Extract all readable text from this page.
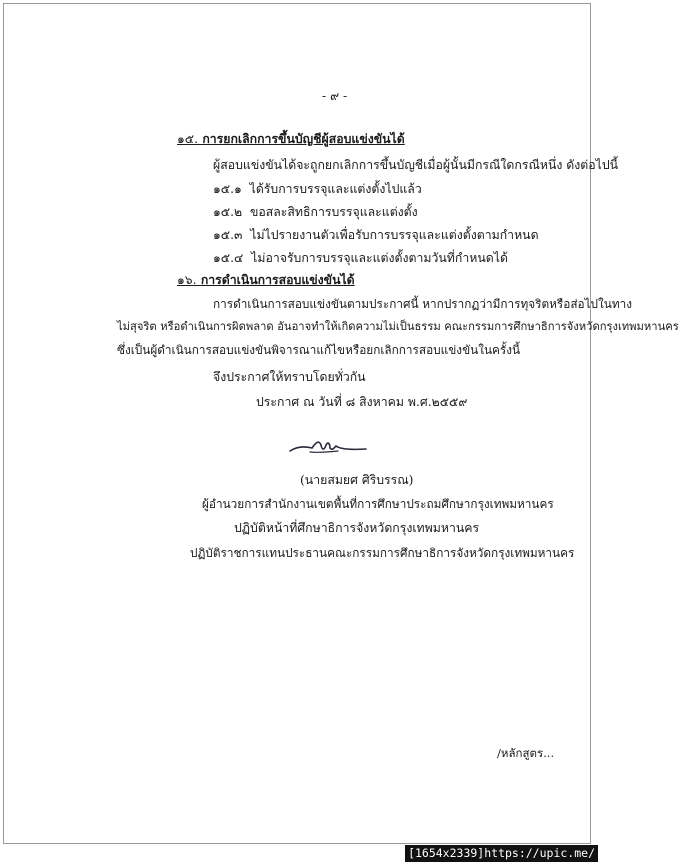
- ๙ -
๑๕. การยกเลิกการขึ้นบัญชีผู้สอบแข่งขันได้
ผู้สอบแข่งขันได้จะถูกยกเลิกการขึ้นบัญชีเมื่อผู้นั้นมีกรณีใดกรณีหนึ่ง ดังต่อไปนี้
๑๕.๑ ได้รับการบรรจุและแต่งตั้งไปแล้ว
๑๕.๒ ขอสละสิทธิการบรรจุและแต่งตั้ง
๑๕.๓ ไม่ไปรายงานตัวเพื่อรับการบรรจุและแต่งตั้งตามกำหนด
๑๕.๔ ไม่อาจรับการบรรจุและแต่งตั้งตามวันที่กำหนดได้
๑๖. การดำเนินการสอบแข่งขันได้
การดำเนินการสอบแข่งขันตามประกาศนี้ หากปรากฏว่ามีการทุจริตหรือส่อไปในทาง
ไม่สุจริต หรือดำเนินการผิดพลาด อันอาจทำให้เกิดความไม่เป็นธรรม คณะกรรมการศึกษาธิการจังหวัดกรุงเทพมหานคร
ซึ่งเป็นผู้ดำเนินการสอบแข่งขันพิจารณาแก้ไขหรือยกเลิกการสอบแข่งขันในครั้งนี้
จึงประกาศให้ทราบโดยทั่วกัน
ประกาศ ณ วันที่ ๘ สิงหาคม พ.ศ.๒๕๕๙
(นายสมยศ ศิริบรรณ)
ผู้อำนวยการสำนักงานเขตพื้นที่การศึกษาประถมศึกษากรุงเทพมหานคร
ปฏิบัติหน้าที่ศึกษาธิการจังหวัดกรุงเทพมหานคร
ปฏิบัติราชการแทนประธานคณะกรรมการศึกษาธิการจังหวัดกรุงเทพมหานคร
/หลักสูตร...
[1654x2339]https://upic.me/
